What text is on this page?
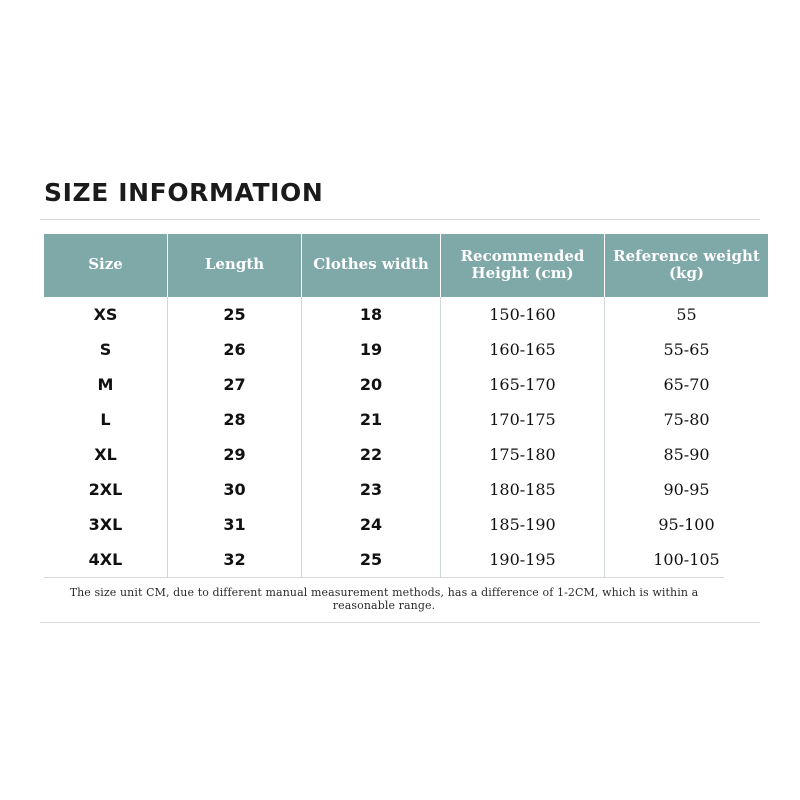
SIZE INFORMATION
Size	Length	Clothes width	Recommended Height (cm)	Reference weight (kg)
XS	25	18	150-160	55
S	26	19	160-165	55-65
M	27	20	165-170	65-70
L	28	21	170-175	75-80
XL	29	22	175-180	85-90
2XL	30	23	180-185	90-95
3XL	31	24	185-190	95-100
4XL	32	25	190-195	100-105
The size unit CM, due to different manual measurement methods, has a difference of 1-2CM, which is within a reasonable range.
